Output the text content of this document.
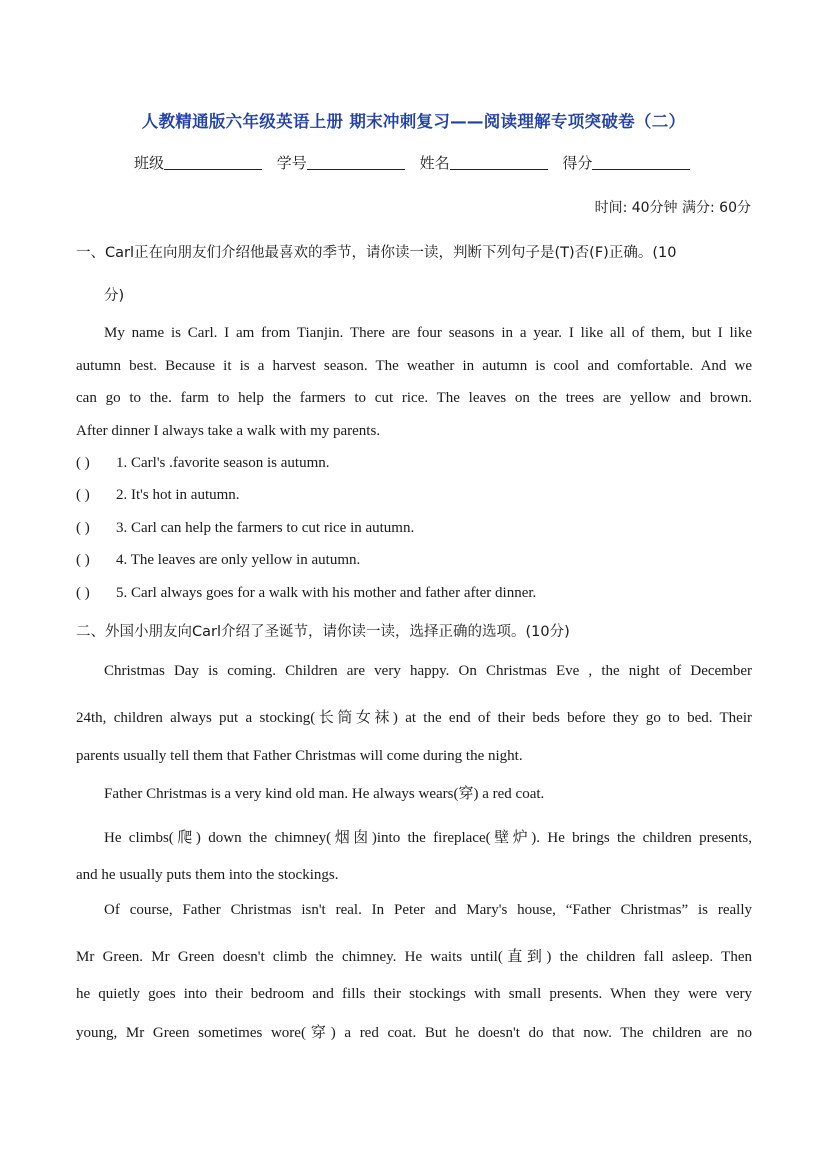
人教精通版六年级英语上册 期末冲刺复习——阅读理解专项突破卷（二）
班级	学号	姓名	得分
时间: 40分钟 满分: 60分
一、Carl正在向朋友们介绍他最喜欢的季节，请你读一读，判断下列句子是(T)否(F)正确。(10
分)
My name is Carl. I am from Tianjin. There are four seasons in a year. I like all of them, but I like
autumn best. Because it is a harvest season. The weather in autumn is cool and comfortable. And we
can go to the. farm to help the farmers to cut rice. The leaves on the trees are yellow and brown.
After dinner I always take a walk with my parents.
( ) 1. Carl's .favorite season is autumn.
( ) 2. It's hot in autumn.
( ) 3. Carl can help the farmers to cut rice in autumn.
( ) 4. The leaves are only yellow in autumn.
( ) 5. Carl always goes for a walk with his mother and father after dinner.
二、外国小朋友向Carl介绍了圣诞节，请你读一读，选择正确的选项。(10分)
Christmas Day is coming. Children are very happy. On Christmas Eve , the night of December
24th, children always put a stocking(长筒女袜) at the end of their beds before they go to bed. Their
parents usually tell them that Father Christmas will come during the night.
Father Christmas is a very kind old man. He always wears(穿) a red coat.
He climbs(爬) down the chimney(烟囱)into the fireplace(壁炉). He brings the children presents,
and he usually puts them into the stockings.
Of course, Father Christmas isn't real. In Peter and Mary's house, “Father Christmas” is really
Mr Green. Mr Green doesn't climb the chimney. He waits until(直到) the children fall asleep. Then
he quietly goes into their bedroom and fills their stockings with small presents. When they were very
young, Mr Green sometimes wore(穿) a red coat. But he doesn't do that now. The children are no
